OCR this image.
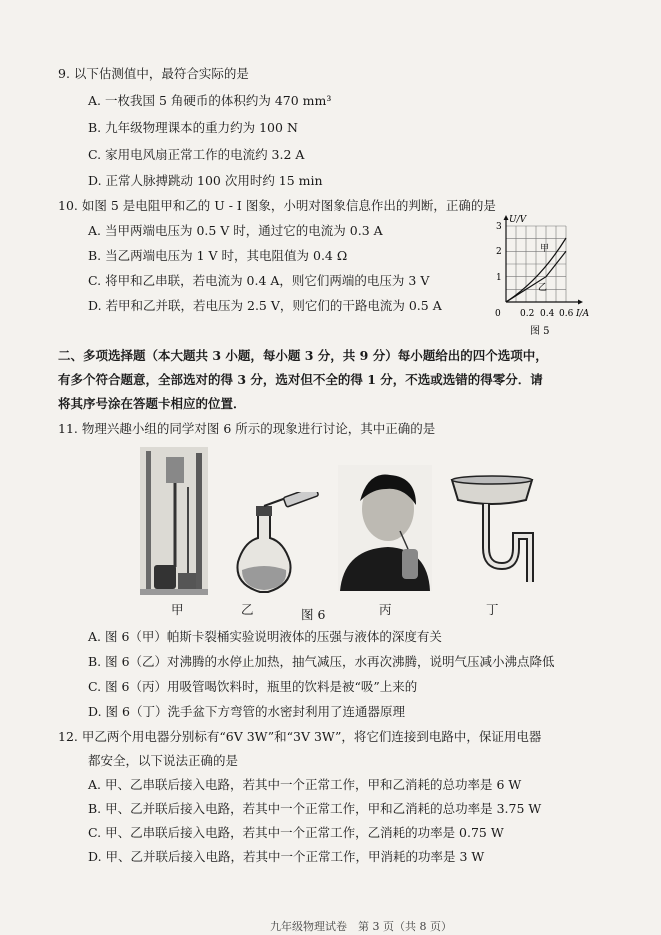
9. 以下估测值中，最符合实际的是
A. 一枚我国 5 角硬币的体积约为 470 mm³
B. 九年级物理课本的重力约为 100 N
C. 家用电风扇正常工作的电流约 3.2 A
D. 正常人脉搏跳动 100 次用时约 15 min
10. 如图 5 是电阻甲和乙的 U - I 图象，小明对图象信息作出的判断，正确的是
A. 当甲两端电压为 0.5 V 时，通过它的电流为 0.3 A
B. 当乙两端电压为 1 V 时，其电阻值为 0.4 Ω
C. 将甲和乙串联，若电流为 0.4 A，则它们两端的电压为 3 V
D. 若甲和乙并联，若电压为 2.5 V，则它们的干路电流为 0.5 A
U/V
I/A
3
2
1
0 0.2 0.4 0.6
甲
乙
图 5
二、多项选择题（本大题共 3 小题，每小题 3 分，共 9 分）每小题给出的四个选项中，
有多个符合题意，全部选对的得 3 分，选对但不全的得 1 分，不选或选错的得零分．请
将其序号涂在答题卡相应的位置．
11. 物理兴趣小组的同学对图 6 所示的现象进行讨论，其中正确的是
甲	乙	图 6	丙	丁
A. 图 6（甲）帕斯卡裂桶实验说明液体的压强与液体的深度有关
B. 图 6（乙）对沸腾的水停止加热，抽气减压，水再次沸腾，说明气压减小沸点降低
C. 图 6（丙）用吸管喝饮料时，瓶里的饮料是被“吸”上来的
D. 图 6（丁）洗手盆下方弯管的水密封利用了连通器原理
12. 甲乙两个用电器分别标有“6V 3W”和“3V 3W”，将它们连接到电路中，保证用电器
都安全，以下说法正确的是
A. 甲、乙串联后接入电路，若其中一个正常工作，甲和乙消耗的总功率是 6 W
B. 甲、乙并联后接入电路，若其中一个正常工作，甲和乙消耗的总功率是 3.75 W
C. 甲、乙串联后接入电路，若其中一个正常工作，乙消耗的功率是 0.75 W
D. 甲、乙并联后接入电路，若其中一个正常工作，甲消耗的功率是 3 W
九年级物理试卷　第 3 页（共 8 页）
